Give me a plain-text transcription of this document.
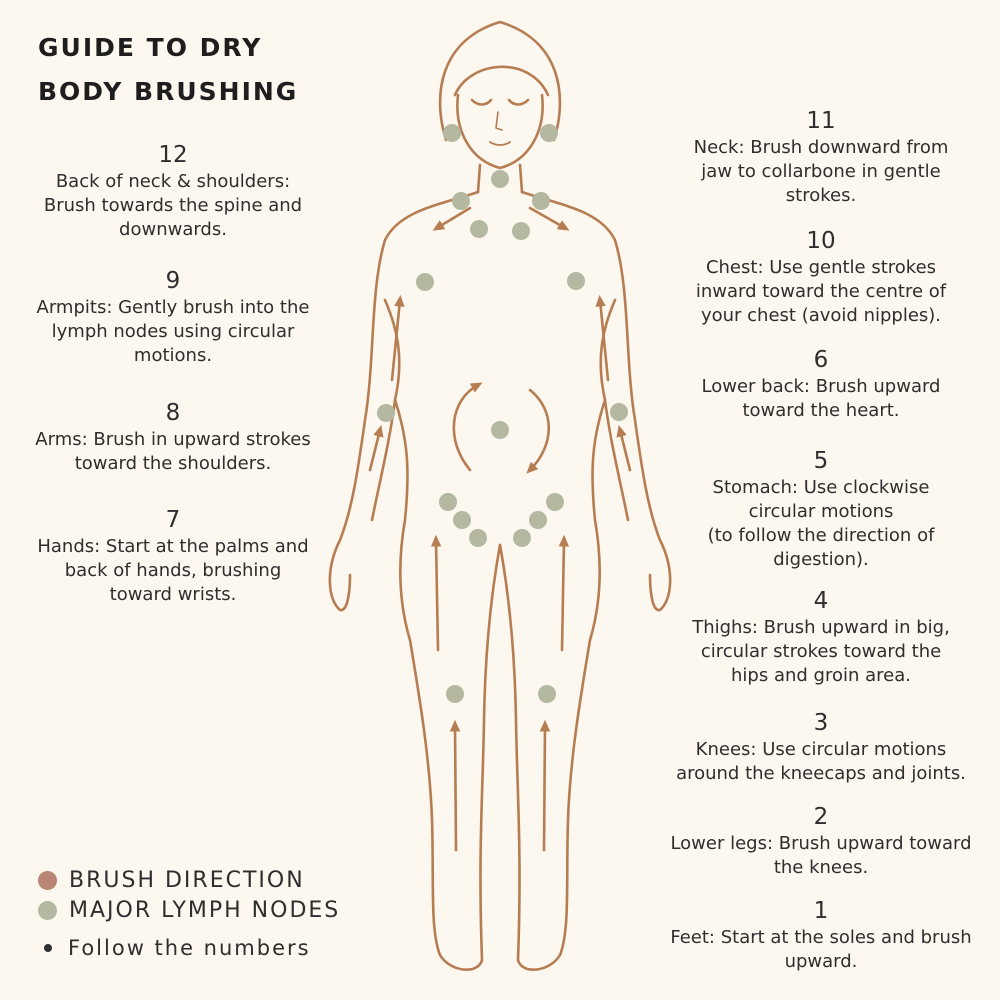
GUIDE TO DRY
BODY BRUSHING
12
Back of neck & shoulders:
Brush towards the spine and
downwards.
9
Armpits: Gently brush into the
lymph nodes using circular
motions.
8
Arms: Brush in upward strokes
toward the shoulders.
7
Hands: Start at the palms and
back of hands, brushing
toward wrists.
11
Neck: Brush downward from
jaw to collarbone in gentle
strokes.
10
Chest: Use gentle strokes
inward toward the centre of
your chest (avoid nipples).
6
Lower back: Brush upward
toward the heart.
5
Stomach: Use clockwise
circular motions
(to follow the direction of
digestion).
4
Thighs: Brush upward in big,
circular strokes toward the
hips and groin area.
3
Knees: Use circular motions
around the kneecaps and joints.
2
Lower legs: Brush upward toward
the knees.
1
Feet: Start at the soles and brush
upward.
BRUSH DIRECTION
MAJOR LYMPH NODES
Follow the numbers
